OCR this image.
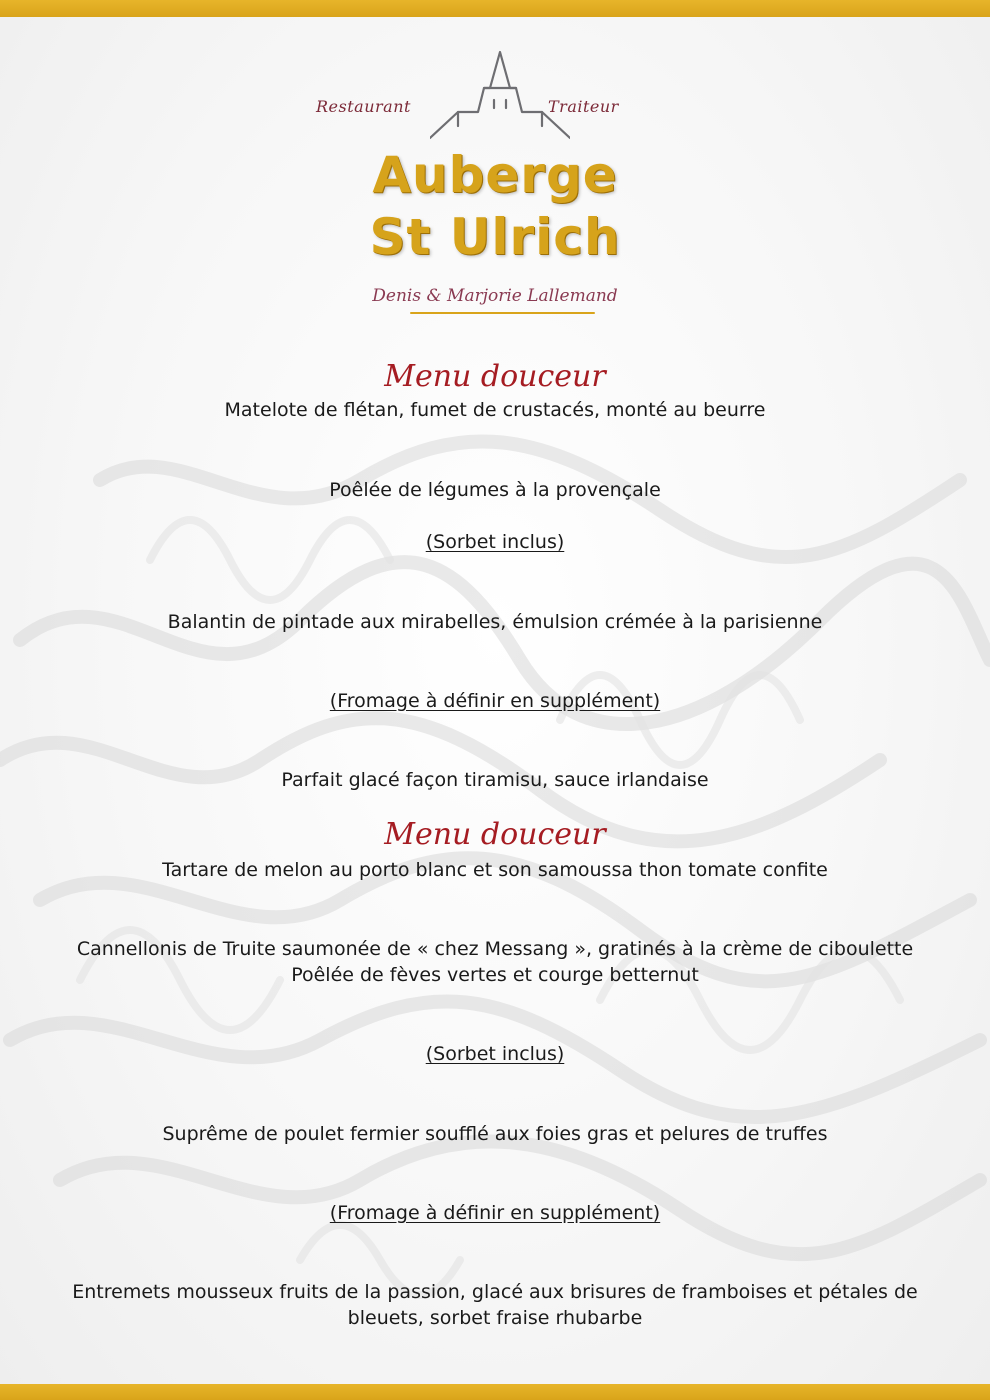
Restaurant	Traiteur
Auberge
St Ulrich
Denis & Marjorie Lallemand
Menu douceur
Matelote de flétan, fumet de crustacés, monté au beurre
Poêlée de légumes à la provençale
(Sorbet inclus)
Balantin de pintade aux mirabelles, émulsion crémée à la parisienne
(Fromage à définir en supplément)
Parfait glacé façon tiramisu, sauce irlandaise
Menu douceur
Tartare de melon au porto blanc et son samoussa thon tomate confite
Cannellonis de Truite saumonée de « chez Messang », gratinés à la crème de ciboulette
Poêlée de fèves vertes et courge betternut
(Sorbet inclus)
Suprême de poulet fermier soufflé aux foies gras et pelures de truffes
(Fromage à définir en supplément)
Entremets mousseux fruits de la passion, glacé aux brisures de framboises et pétales de
bleuets, sorbet fraise rhubarbe
